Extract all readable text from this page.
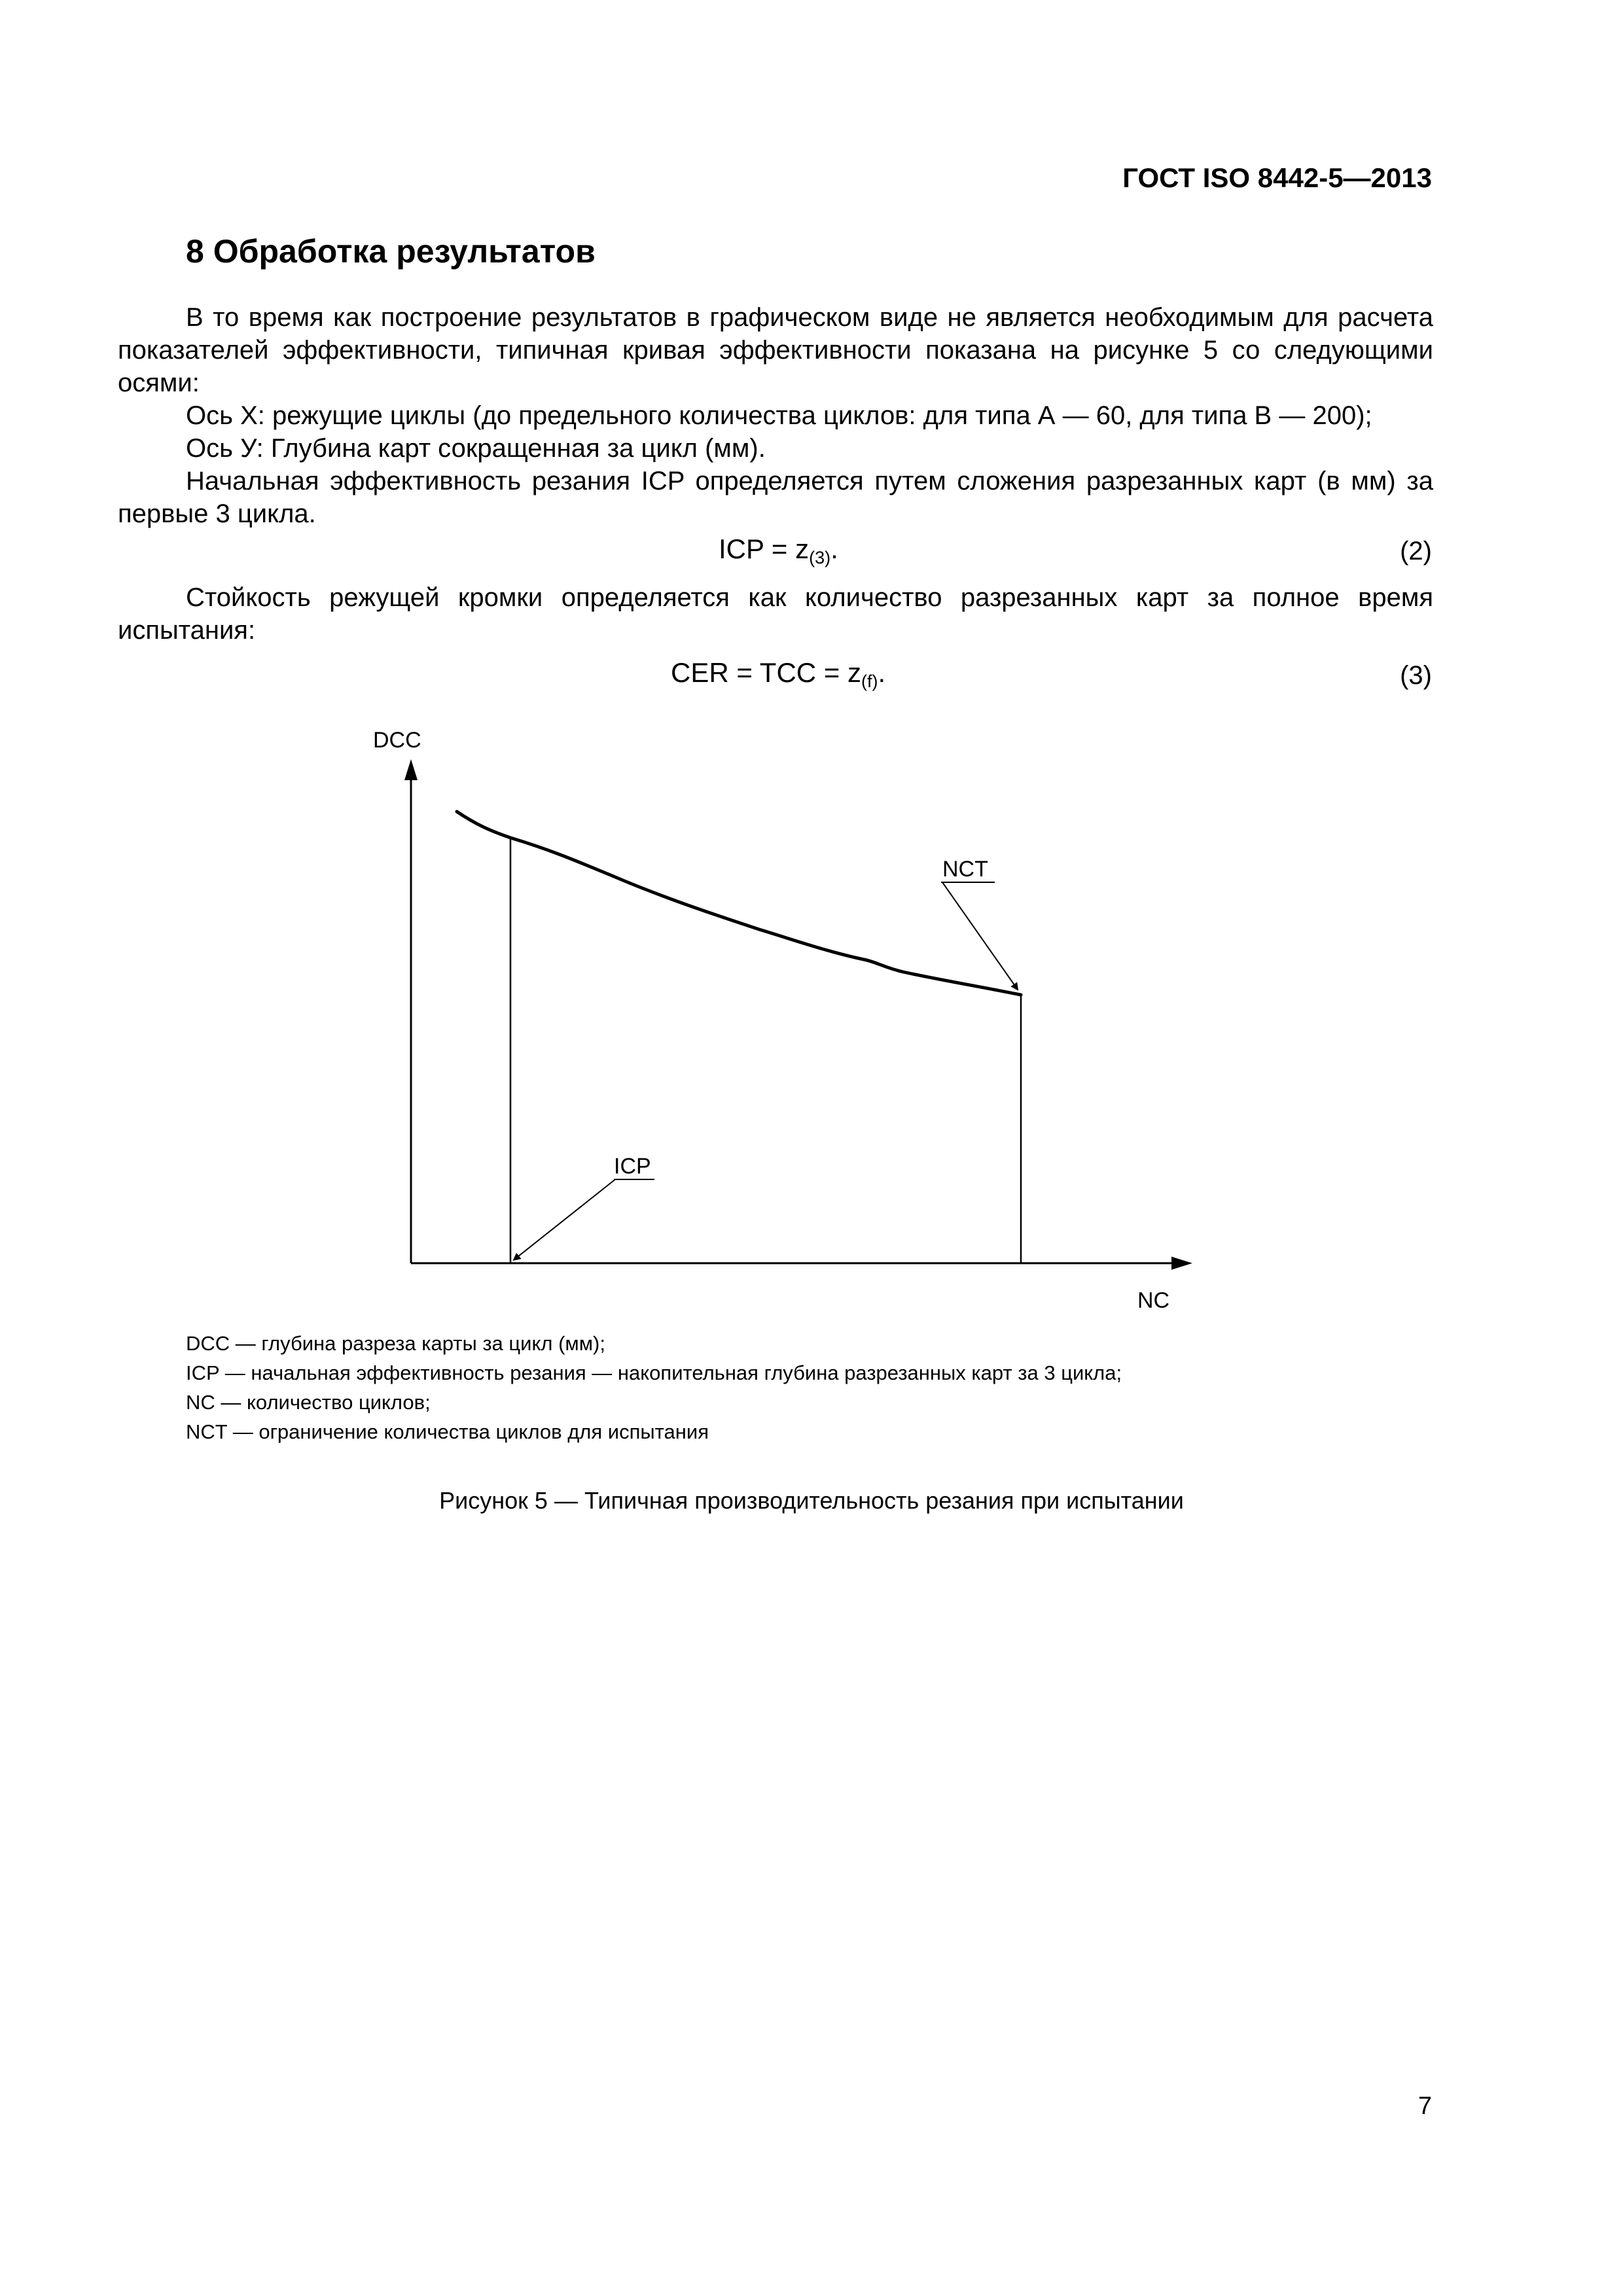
ГОСТ ISO 8442-5—2013
8 Обработка результатов

В то время как построение результатов в графическом виде не является необходимым для расчета показателей эффективности, типичная кривая эффективности показана на рисунке 5 со следующими осями:

Ось X: режущие циклы (до предельного количества циклов: для типа А — 60, для типа В — 200);

Ось У: Глубина карт сокращенная за цикл (мм).

Начальная эффективность резания ICP определяется путем сложения разрезанных карт (в мм) за первые 3 цикла.

ICP = $z_{(3)}$.	(2)

Стойкость режущей кромки определяется как количество разрезанных карт за полное время испытания:

CER = TCC = $z_{(f)}$.	(3)
DCC
NC
NCT
ICP
DCC — глубина разреза карты за цикл (мм);
ICP — начальная эффективность резания — накопительная глубина разрезанных карт за 3 цикла;
NC — количество циклов;
NCT — ограничение количества циклов для испытания
Рисунок 5 — Типичная производительность резания при испытании
7
